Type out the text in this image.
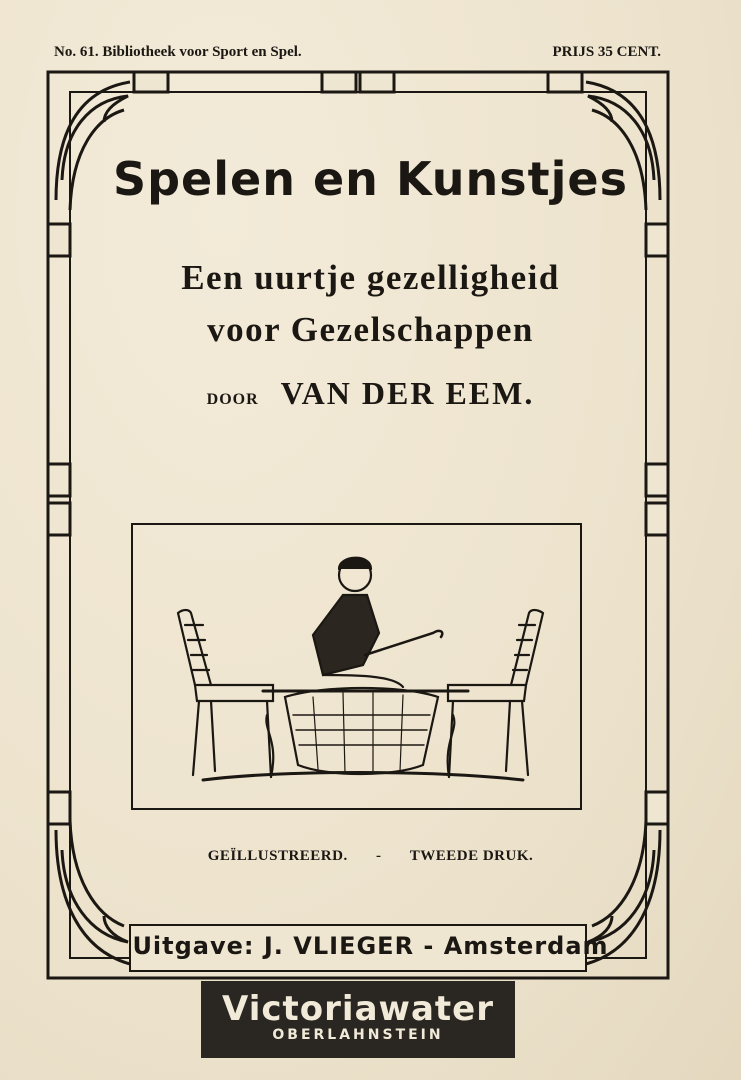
No. 61. Bibliotheek voor Sport en Spel.	PRIJS 35 CENT.
Spelen en Kunstjes
Een uurtje gezelligheid
voor Gezelschappen
DOOR VAN DER EEM.
GEÏLLUSTREERD. - TWEEDE DRUK.
Uitgave: J. VLIEGER - Amsterdam
Victoriawater
OBERLAHNSTEIN
